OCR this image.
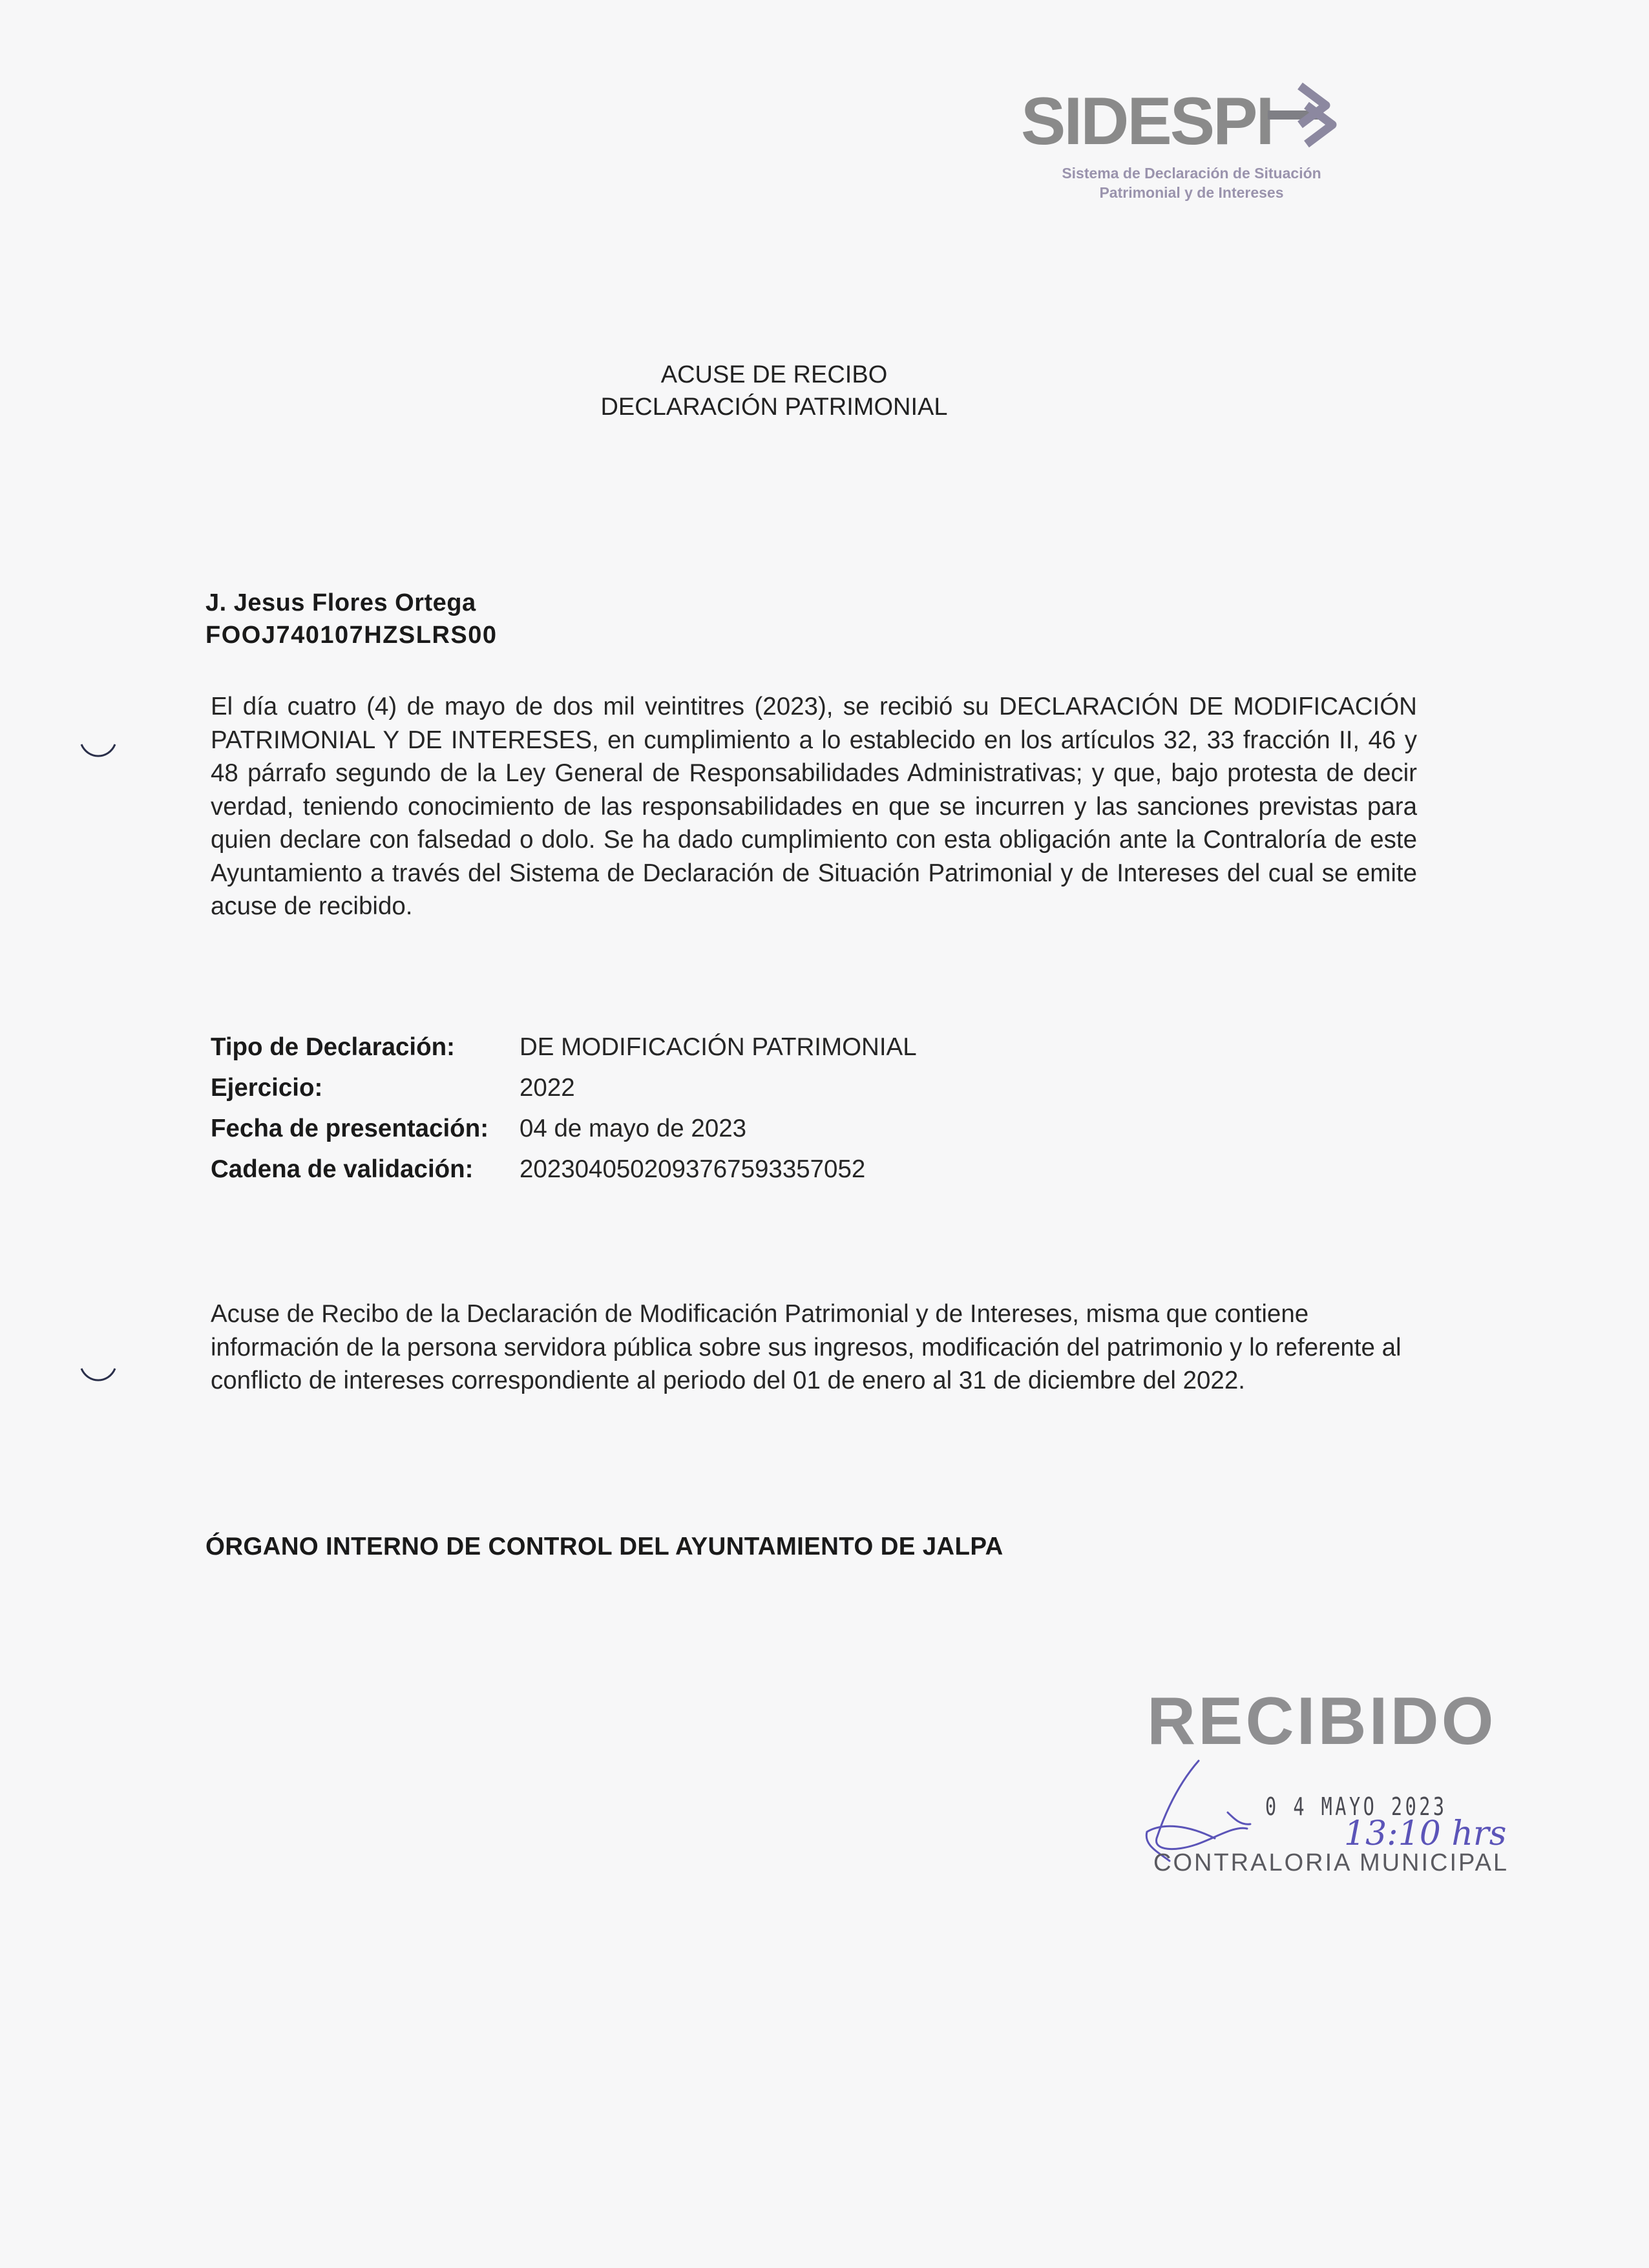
SIDESPI
Sistema de Declaración de Situación
Patrimonial y de Intereses
ACUSE DE RECIBO
DECLARACIÓN PATRIMONIAL
J. Jesus Flores Ortega
FOOJ740107HZSLRS00
El día cuatro (4) de mayo de dos mil veintitres (2023), se recibió su DECLARACIÓN DE MODIFICACIÓN PATRIMONIAL Y DE INTERESES, en cumplimiento a lo establecido en los artículos 32, 33 fracción II, 46 y 48 párrafo segundo de la Ley General de Responsabilidades Administrativas; y que, bajo protesta de decir verdad, teniendo conocimiento de las responsabilidades en que se incurren y las sanciones previstas para quien declare con falsedad o dolo. Se ha dado cumplimiento con esta obligación ante la Contraloría de este Ayuntamiento a través del Sistema de Declaración de Situación Patrimonial y de Intereses del cual se emite acuse de recibido.
Tipo de Declaración:	DE MODIFICACIÓN PATRIMONIAL
Ejercicio:	2022
Fecha de presentación: 04 de mayo de 2023
Cadena de validación: 20230405020937675933570​52
Acuse de Recibo de la Declaración de Modificación Patrimonial y de Intereses, misma que contiene información de la persona servidora pública sobre sus ingresos, modificación del patrimonio y lo referente al conflicto de intereses correspondiente al periodo del 01 de enero al 31 de diciembre del 2022.
ÓRGANO INTERNO DE CONTROL DEL AYUNTAMIENTO DE JALPA
RECIBIDO
0 4 MAYO 2023
13:10 hrs
CONTRALORIA MUNICIPAL
